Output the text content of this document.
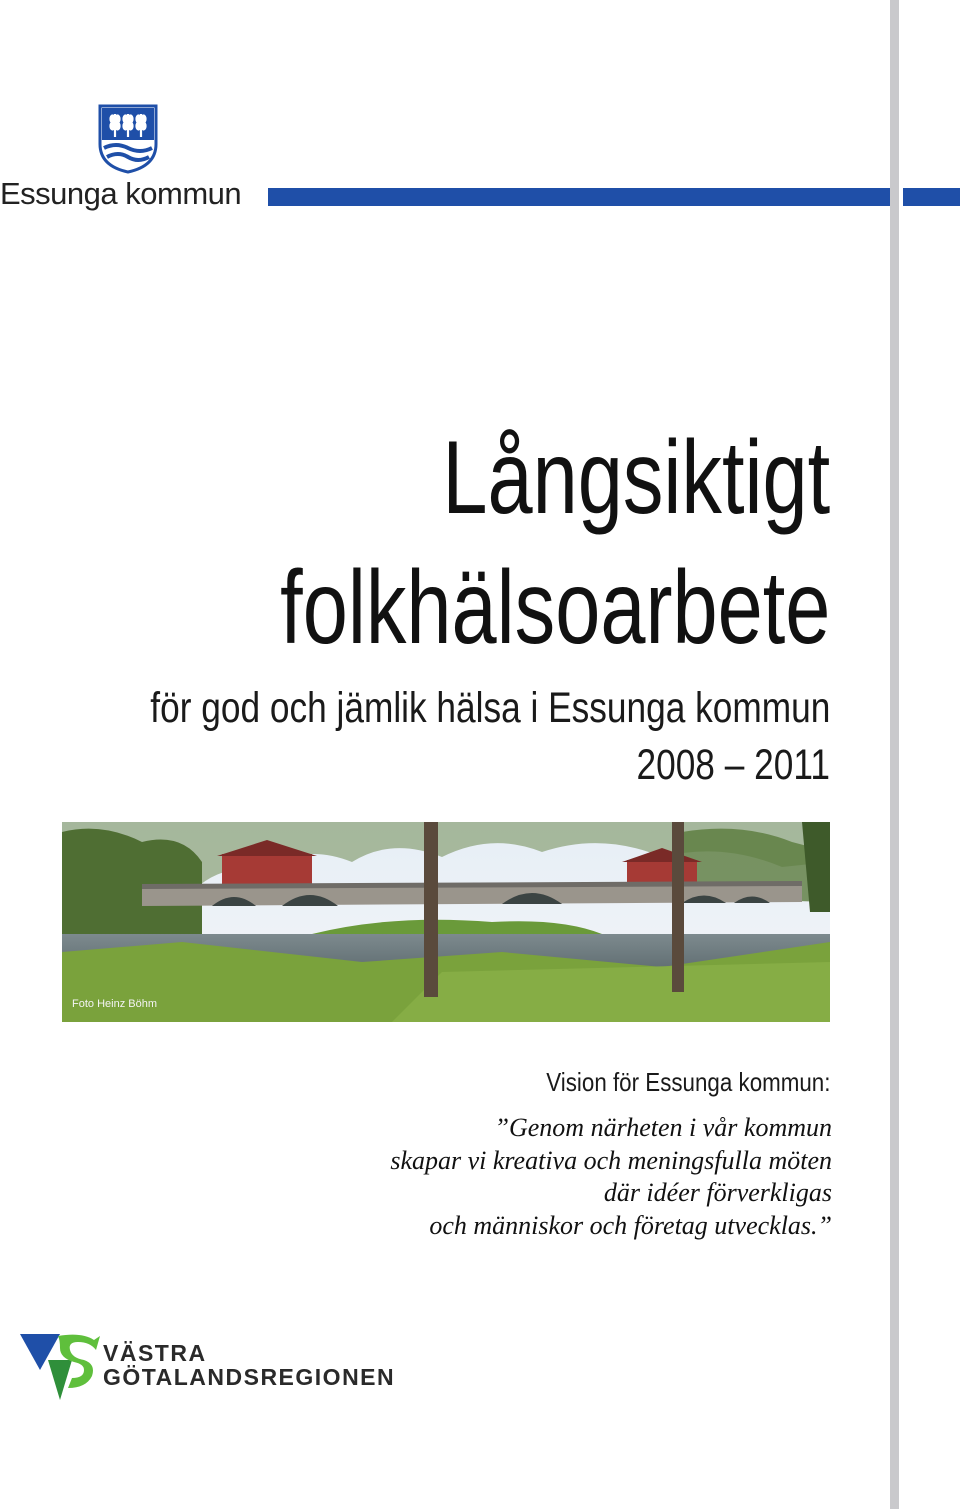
Essunga kommun
Långsiktigt
folkhälsoarbete
för god och jämlik hälsa i Essunga kommun
2008 – 2011
Foto Heinz Böhm
Vision för Essunga kommun:
”Genom närheten i vår kommun
skapar vi kreativa och meningsfulla möten
där idéer förverkligas
och människor och företag utvecklas.”
VÄSTRA
GÖTALANDSREGIONEN
